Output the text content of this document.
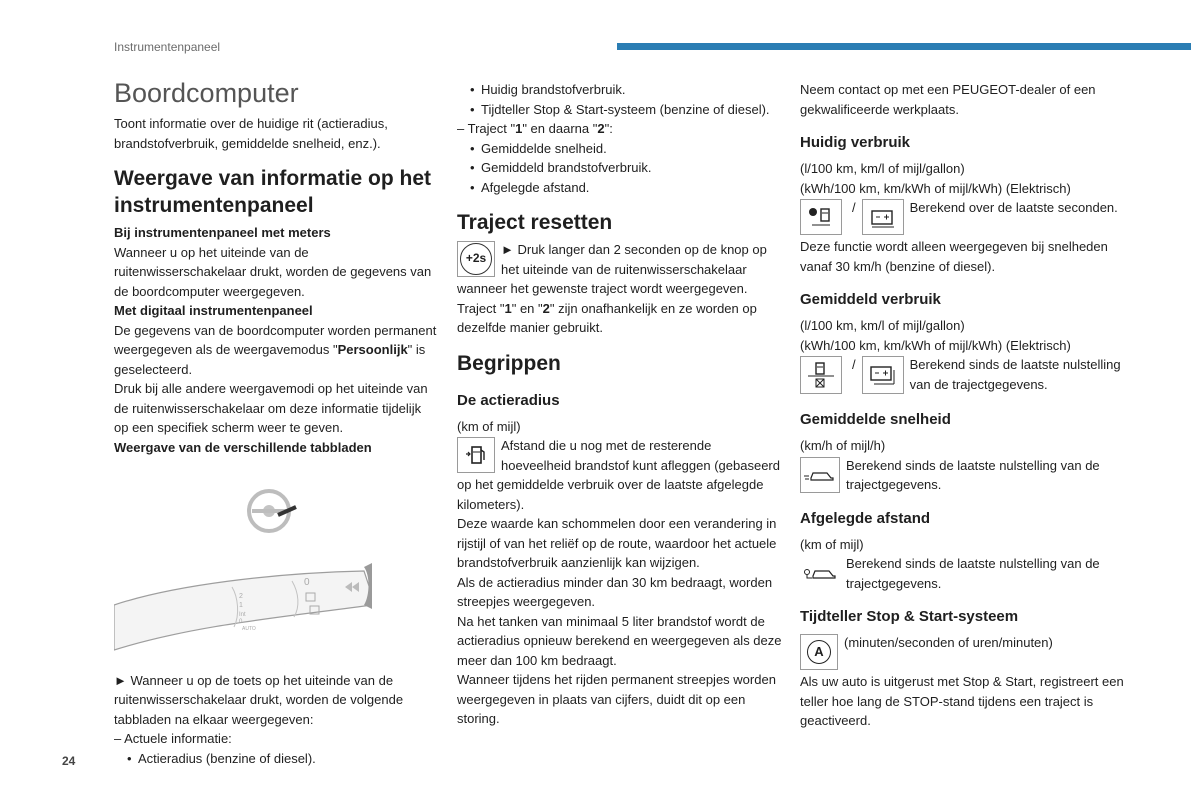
Instrumentenpaneel
24
Boordcomputer

Toont informatie over de huidige rit (actieradius, brandstofverbruik, gemiddelde snelheid, enz.).

Weergave van informatie op het instrumentenpaneel

Bij instrumentenpaneel met meters

Wanneer u op het uiteinde van de ruitenwisserschakelaar drukt, worden de gegevens van de boordcomputer weergegeven.

Met digitaal instrumentenpaneel

De gegevens van de boordcomputer worden permanent weergegeven als de weergavemodus "Persoonlijk" is geselecteerd.

Druk bij alle andere weergavemodi op het uiteinde van de ruitenwisserschakelaar om deze informatie tijdelijk op een specifiek scherm weer te geven.

Weergave van de verschillende tabbladen

0
2
1
Int
0
AUTO

► Wanneer u op de toets op het uiteinde van de ruitenwisserschakelaar drukt, worden de volgende tabbladen na elkaar weergegeven:

– Actuele informatie:

• Actieradius (benzine of diesel).

• Huidig brandstofverbruik.

• Tijdteller Stop & Start-systeem (benzine of diesel).

– Traject "1" en daarna "2":

• Gemiddelde snelheid.

• Gemiddeld brandstofverbruik.

• Afgelegde afstand.

Traject resetten
+2s

► Druk langer dan 2 seconden op de knop op het uiteinde van de ruitenwisserschakelaar wanneer het gewenste traject wordt weergegeven.

Traject "1" en "2" zijn onafhankelijk en ze worden op dezelfde manier gebruikt.

Begrippen
De actieradius

(km of mijl)

Afstand die u nog met de resterende hoeveelheid brandstof kunt afleggen (gebaseerd op het gemiddelde verbruik over de laatste afgelegde kilometers).

Deze waarde kan schommelen door een verandering in rijstijl of van het reliëf op de route, waardoor het actuele brandstofverbruik aanzienlijk kan wijzigen.

Als de actieradius minder dan 30 km bedraagt, worden streepjes weergegeven.

Na het tanken van minimaal 5 liter brandstof wordt de actieradius opnieuw berekend en weergegeven als deze meer dan 100 km bedraagt.

Wanneer tijdens het rijden permanent streepjes worden weergegeven in plaats van cijfers, duidt dit op een storing.

Neem contact op met een PEUGEOT-dealer of een gekwalificeerde werkplaats.

Huidig verbruik

(l/100 km, km/l of mijl/gallon)

(kWh/100 km, km/kWh of mijl/kWh) (Elektrisch)

/	Berekend over de laatste seconden.

Deze functie wordt alleen weergegeven bij snelheden vanaf 30 km/h (benzine of diesel).

Gemiddeld verbruik

(l/100 km, km/l of mijl/gallon)

(kWh/100 km, km/kWh of mijl/kWh) (Elektrisch)

/	Berekend sinds de laatste nulstelling van de trajectgegevens.

Gemiddelde snelheid

(km/h of mijl/h)

Berekend sinds de laatste nulstelling van de trajectgegevens.

Afgelegde afstand

(km of mijl)

Berekend sinds de laatste nulstelling van de trajectgegevens.

Tijdteller Stop & Start-systeem
A

(minuten/seconden of uren/minuten)

Als uw auto is uitgerust met Stop & Start, registreert een teller hoe lang de STOP-stand tijdens een traject is geactiveerd.
